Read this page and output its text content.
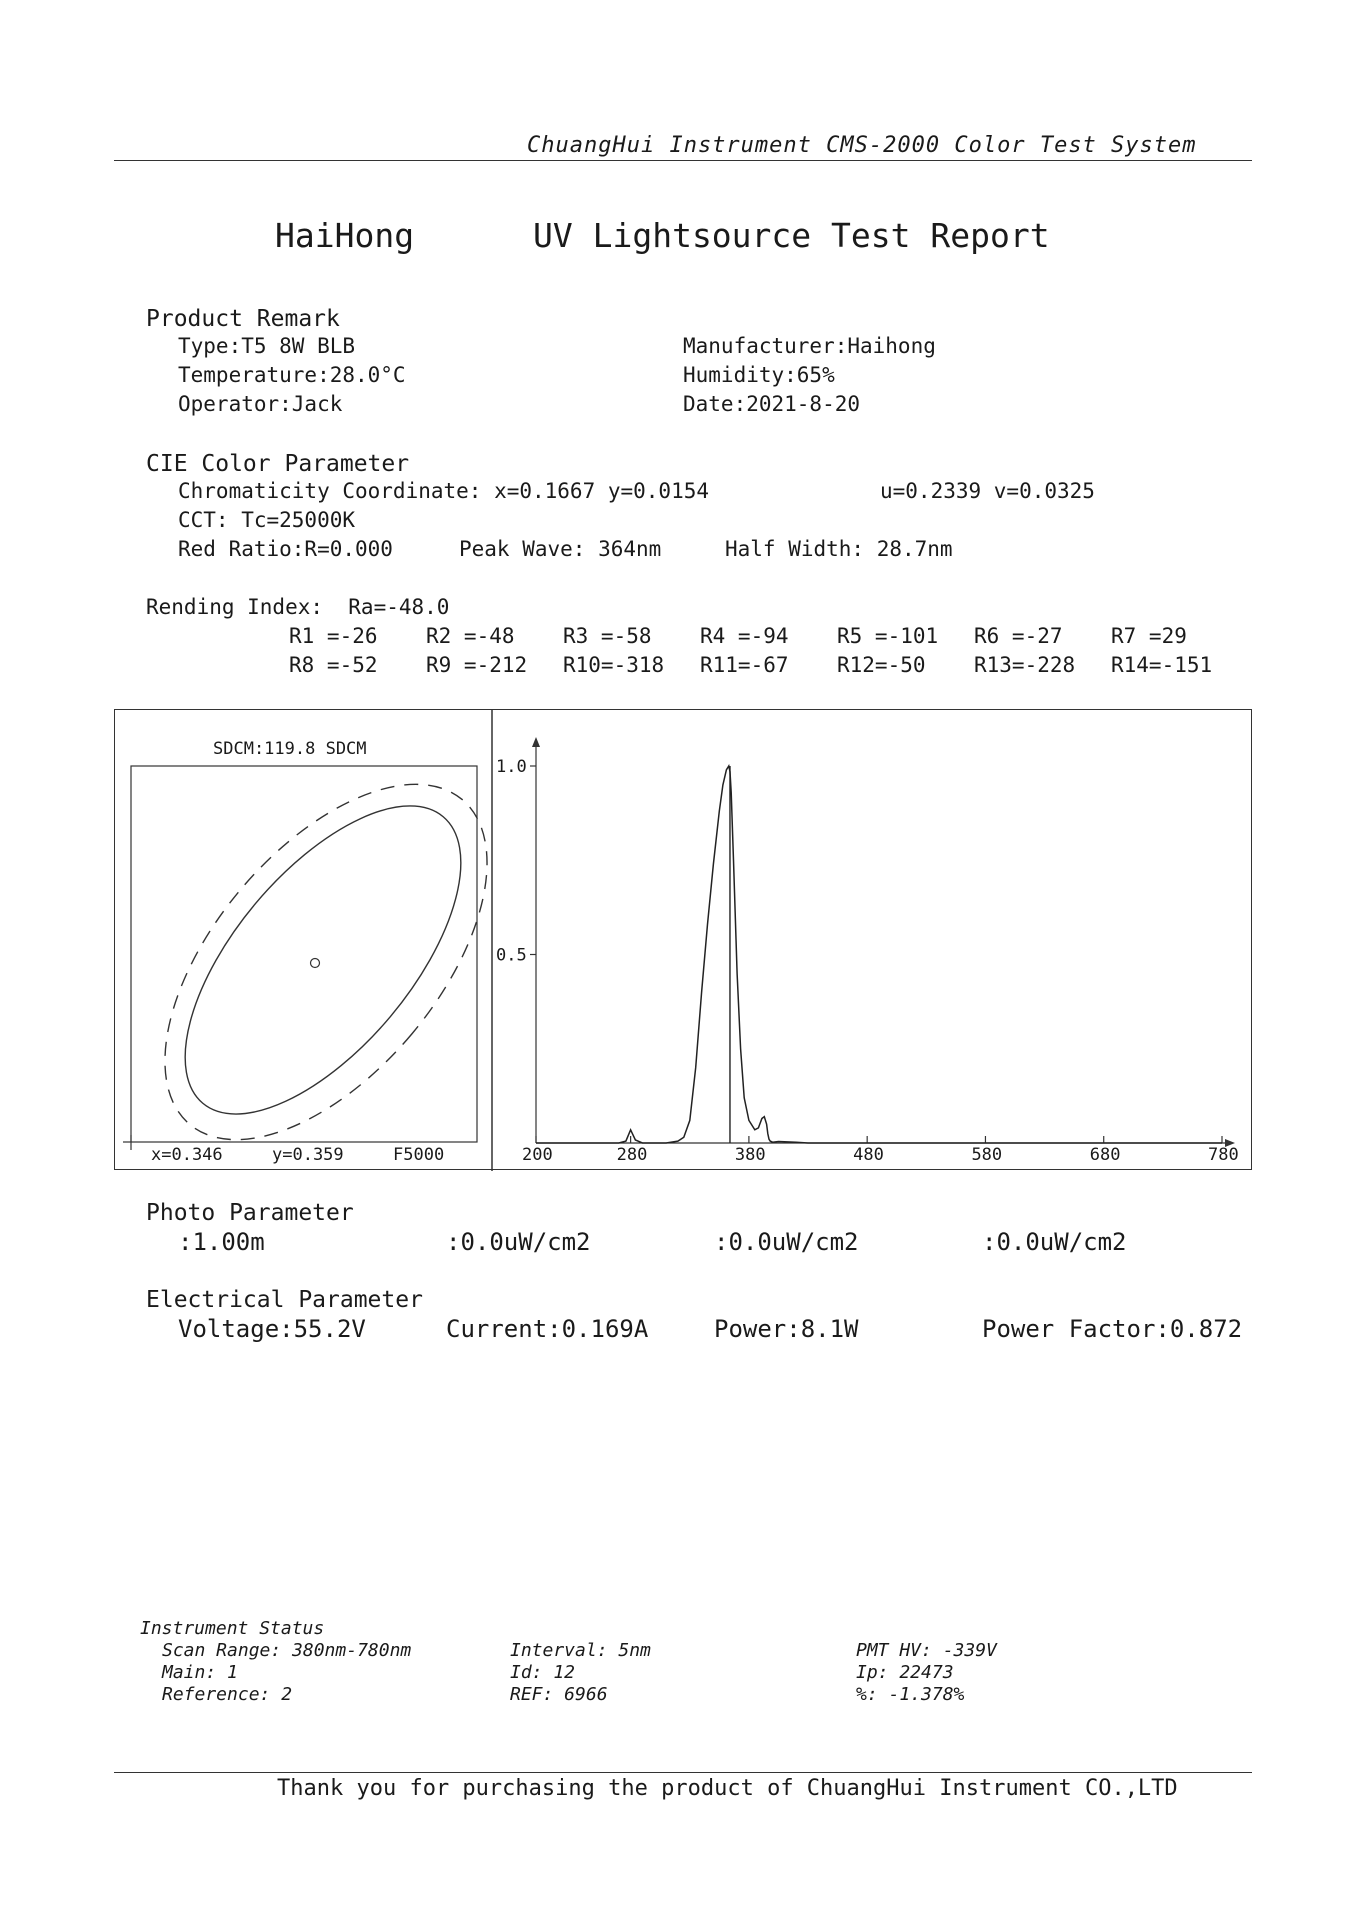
ChuangHui Instrument CMS-2000 Color Test System
HaiHong	UV Lightsource Test Report
Product Remark
Type:T5 8W BLB	Manufacturer:Haihong
Temperature:28.0°C	Humidity:65%
Operator:Jack	Date:2021-8-20
CIE Color Parameter
Chromaticity Coordinate: x=0.1667 y=0.0154	u=0.2339 v=0.0325
CCT: Tc=25000K
Red Ratio:R=0.000	Peak Wave: 364nm	Half Width: 28.7nm
Rending Index:  Ra=-48.0
R1 =-26 R2 =-48 R3 =-58 R4 =-94 R5 =-101 R6 =-27 R7 =29
R8 =-52 R9 =-212 R10=-318 R11=-67 R12=-50 R13=-228 R14=-151
SDCM:119.8 SDCM
x=0.346	y=0.359	F5000	200	280	380	480	580	680	780
1.0
0.5
Photo Parameter
:1.00m	:0.0uW/cm2	:0.0uW/cm2	:0.0uW/cm2
Electrical Parameter
Voltage:55.2V	Current:0.169A	Power:8.1W	Power Factor:0.872
Instrument Status
Scan Range: 380nm-780nm	Interval: 5nm	PMT HV: -339V
Main: 1	Id: 12	Ip: 22473
Reference: 2	REF: 6966	%: -1.378%
Thank you for purchasing the product of ChuangHui Instrument CO.,LTD
